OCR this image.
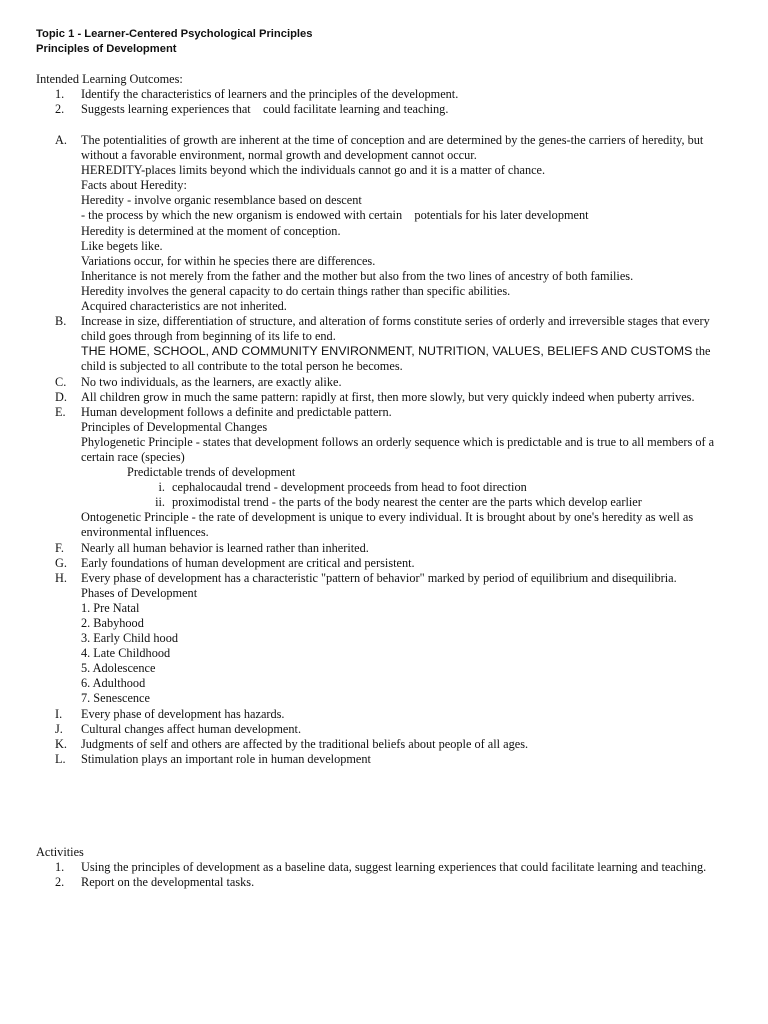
Topic 1 - Learner-Centered Psychological Principles
Principles of Development
Intended Learning Outcomes:
1.	Identify the characteristics of learners and the principles of the development.
2.	Suggests learning experiences that    could facilitate learning and teaching.
A.	The potentialities of growth are inherent at the time of conception and are determined by the genes-the carriers of heredity, but without a favorable environment, normal growth and development cannot occur.
HEREDITY-places limits beyond which the individuals cannot go and it is a matter of chance.
Facts about Heredity:
Heredity - involve organic resemblance based on descent
- the process by which the new organism is endowed with certain    potentials for his later development
Heredity is determined at the moment of conception.
Like begets like.
Variations occur, for within he species there are differences.
Inheritance is not merely from the father and the mother but also from the two lines of ancestry of both families.
Heredity involves the general capacity to do certain things rather than specific abilities.
Acquired characteristics are not inherited.
B.	Increase in size, differentiation of structure, and alteration of forms constitute series of orderly and irreversible stages that every child goes through from beginning of its life to end.
THE HOME, SCHOOL, AND COMMUNITY ENVIRONMENT, NUTRITION, VALUES, BELIEFS AND CUSTOMS the child is subjected to all contribute to the total person he becomes.
C.	No two individuals, as the learners, are exactly alike.
D.	All children grow in much the same pattern: rapidly at first, then more slowly, but very quickly indeed when puberty arrives.
E.	Human development follows a definite and predictable pattern.
Principles of Developmental Changes
Phylogenetic Principle - states that development follows an orderly sequence which is predictable and is true to all members of a certain race (species)
Predictable trends of development
i. cephalocaudal trend - development proceeds from head to foot direction
ii. proximodistal trend - the parts of the body nearest the center are the parts which develop earlier
Ontogenetic Principle - the rate of development is unique to every individual. It is brought about by one's heredity as well as environmental influences.
F.	Nearly all human behavior is learned rather than inherited.
G.	Early foundations of human development are critical and persistent.
H.	Every phase of development has a characteristic "pattern of behavior" marked by period of equilibrium and disequilibria.
Phases of Development
1. Pre Natal
2. Babyhood
3. Early Child hood
4. Late Childhood
5. Adolescence
6. Adulthood
7. Senescence
I.	Every phase of development has hazards.
J.	Cultural changes affect human development.
K.	Judgments of self and others are affected by the traditional beliefs about people of all ages.
L.	Stimulation plays an important role in human development
Activities
1.	Using the principles of development as a baseline data, suggest learning experiences that could facilitate learning and teaching.
2.	Report on the developmental tasks.
